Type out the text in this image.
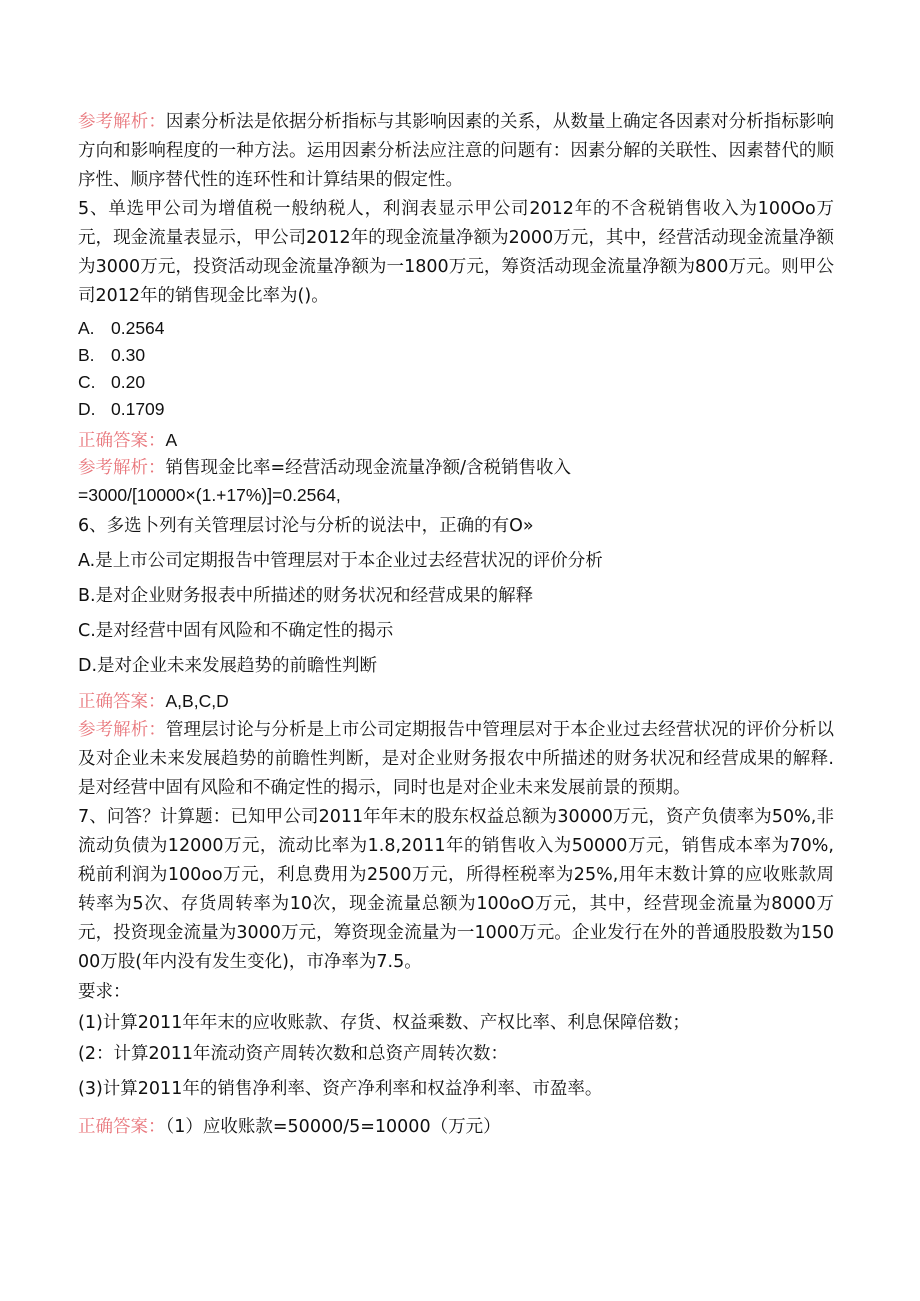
参考解析：因素分析法是依据分析指标与其影响因素的关系，从数量上确定各因素对分析指标影响方向和影响程度的一种方法。运用因素分析法应注意的问题有：因素分解的关联性、因素替代的顺序性、顺序替代性的连环性和计算结果的假定性。

5、单选甲公司为增值税一般纳税人，利润表显示甲公司2012年的不含税销售收入为100Oo万元，现金流量表显示，甲公司2012年的现金流量净额为2000万元，其中，经营活动现金流量净额为3000万元，投资活动现金流量净额为一1800万元，筹资活动现金流量净额为800万元。则甲公司2012年的销售现金比率为()。

A. 0.2564

B. 0.30

C. 0.20

D. 0.1709

正确答案：A

参考解析：销售现金比率=经营活动现金流量净额/含税销售收入

=3000/[10000×(1.+17%)]=0.2564,

6、多选卜列有关管理层讨沦与分析的说法中，正确的有O»

A.是上市公司定期报告中管理层对于本企业过去经营状况的评价分析

B.是对企业财务报表中所描述的财务状况和经营成果的解释

C.是对经营中固有风险和不确定性的揭示

D.是对企业未来发展趋势的前瞻性判断

正确答案：A,B,C,D

参考解析：管理层讨论与分析是上市公司定期报告中管理层对于本企业过去经营状况的评价分析以及对企业未来发展趋势的前瞻性判断，是对企业财务报农中所描述的财务状况和经营成果的解释. 是对经营中固有风险和不确定性的揭示，同时也是对企业未来发展前景的预期。

7、问答？计算题：已知甲公司2011年年末的股东权益总额为30000万元，资产负债率为50%,非流动负债为12000万元，流动比率为1.8,2011年的销售收入为50000万元，销售成本率为70%,税前利润为100oo万元，利息费用为2500万元，所得桎税率为25%,用年末数计算的应收账款周转率为5次、存货周转率为10次，现金流量总额为100oO万元，其中，经营现金流量为8000万元，投资现金流量为3000万元，筹资现金流量为一1000万元。企业发行在外的普通股股数为15000万股(年内没有发生变化)，市净率为7.5。

要求：

(1)计算2011年年末的应收账款、存货、权益乘数、产权比率、利息保障倍数；

(2：计算2011年流动资产周转次数和总资产周转次数：

(3)计算2011年的销售净利率、资产净利率和权益净利率、市盈率。

正确答案：（1）应收账款=50000/5=10000（万元）
